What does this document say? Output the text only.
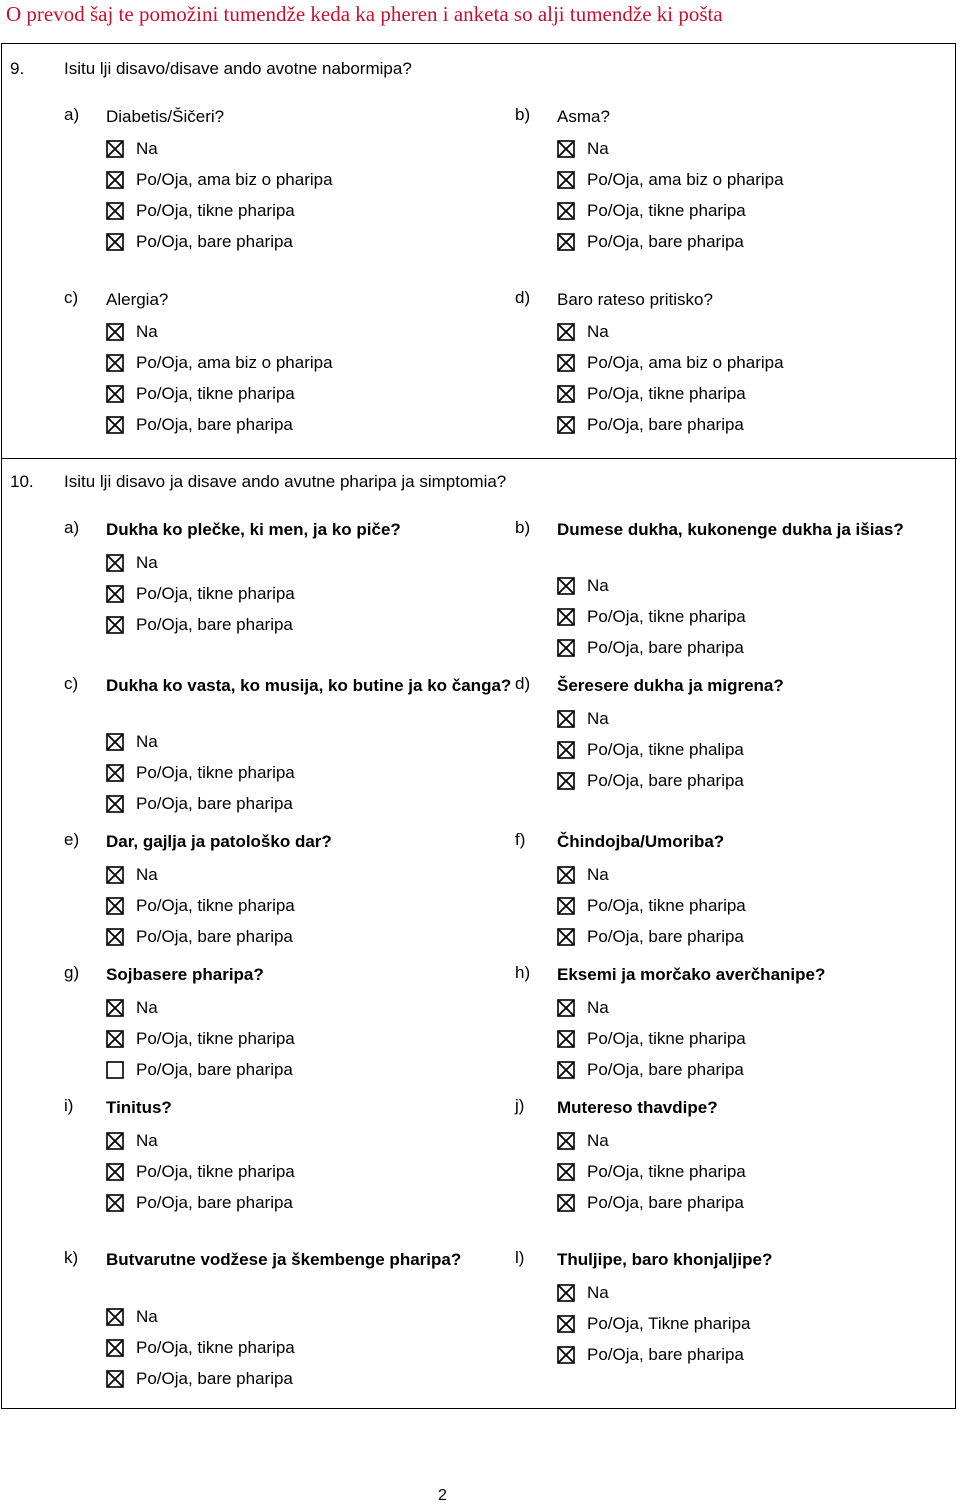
O prevod šaj te pomožini tumendže keda ka pheren i anketa so alji tumendže ki pošta
9. Isitu lji disavo/disave ando avotne nabormipa?
10. Isitu lji disavo ja disave ando avutne pharipa ja simptomia?
a) Diabetis/Šičeri?
Na
Po/Oja, ama biz o pharipa
Po/Oja, tikne pharipa
Po/Oja, bare pharipa
b) Asma?
Na
Po/Oja, ama biz o pharipa
Po/Oja, tikne pharipa
Po/Oja, bare pharipa
c) Alergia?
Na
Po/Oja, ama biz o pharipa
Po/Oja, tikne pharipa
Po/Oja, bare pharipa
d) Baro rateso pritisko?
Na
Po/Oja, ama biz o pharipa
Po/Oja, tikne pharipa
Po/Oja, bare pharipa
a) Dukha ko plečke, ki men, ja ko piče?
Na
Po/Oja, tikne pharipa
Po/Oja, bare pharipa
b) Dumese dukha, kukonenge dukha ja išias?
Na
Po/Oja, tikne pharipa
Po/Oja, bare pharipa
c) Dukha ko vasta, ko musija, ko butine ja ko čanga?
Na
Po/Oja, tikne pharipa
Po/Oja, bare pharipa
d) Šeresere dukha ja migrena?
Na
Po/Oja, tikne phalipa
Po/Oja, bare pharipa
e) Dar, gajlja ja patološko dar?
Na
Po/Oja, tikne pharipa
Po/Oja, bare pharipa
f) Čhindojba/Umoriba?
Na
Po/Oja, tikne pharipa
Po/Oja, bare pharipa
g) Sojbasere pharipa?
Na
Po/Oja, tikne pharipa
Po/Oja, bare pharipa
h) Eksemi ja morčako averčhanipe?
Na
Po/Oja, tikne pharipa
Po/Oja, bare pharipa
i) Tinitus?
Na
Po/Oja, tikne pharipa
Po/Oja, bare pharipa
j) Mutereso thavdipe?
Na
Po/Oja, tikne pharipa
Po/Oja, bare pharipa
k) Butvarutne vodžese ja škembenge pharipa?
Na
Po/Oja, tikne pharipa
Po/Oja, bare pharipa
l) Thuljipe, baro khonjaljipe?
Na
Po/Oja, Tikne pharipa
Po/Oja, bare pharipa
2
